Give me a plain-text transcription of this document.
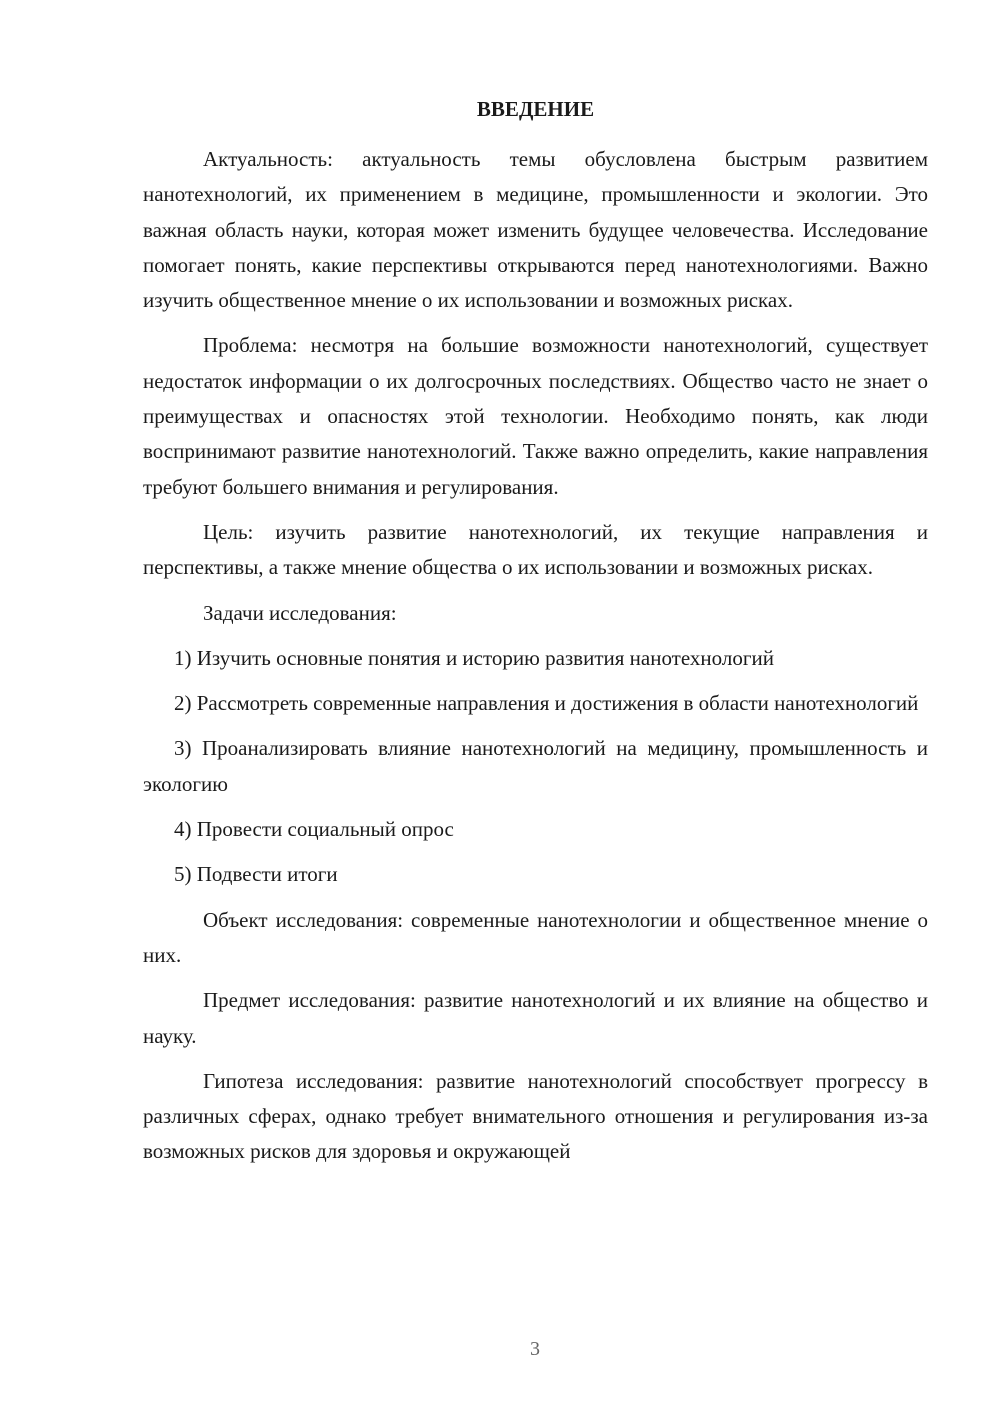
ВВЕДЕНИЕ

Актуальность: актуальность темы обусловлена быстрым развитием нанотехнологий, их применением в медицине, промышленности и экологии. Это важная область науки, которая может изменить будущее человечества. Исследование помогает понять, какие перспективы открываются перед нанотехнологиями. Важно изучить общественное мнение о их использовании и возможных рисках.

Проблема: несмотря на большие возможности нанотехнологий, существует недостаток информации о их долгосрочных последствиях. Общество часто не знает о преимуществах и опасностях этой технологии. Необходимо понять, как люди воспринимают развитие нанотехнологий. Также важно определить, какие направления требуют большего внимания и регулирования.

Цель: изучить развитие нанотехнологий, их текущие направления и перспективы, а также мнение общества о их использовании и возможных рисках.

Задачи исследования:

1) Изучить основные понятия и историю развития нанотехнологий

2) Рассмотреть современные направления и достижения в области нанотехнологий

3) Проанализировать влияние нанотехнологий на медицину, промышленность и экологию

4) Провести социальный опрос

5) Подвести итоги

Объект исследования: современные нанотехнологии и общественное мнение о них.

Предмет исследования: развитие нанотехнологий и их влияние на общество и науку.

Гипотеза исследования: развитие нанотехнологий способствует прогрессу в различных сферах, однако требует внимательного отношения и регулирования из-за возможных рисков для здоровья и окружающей

3
